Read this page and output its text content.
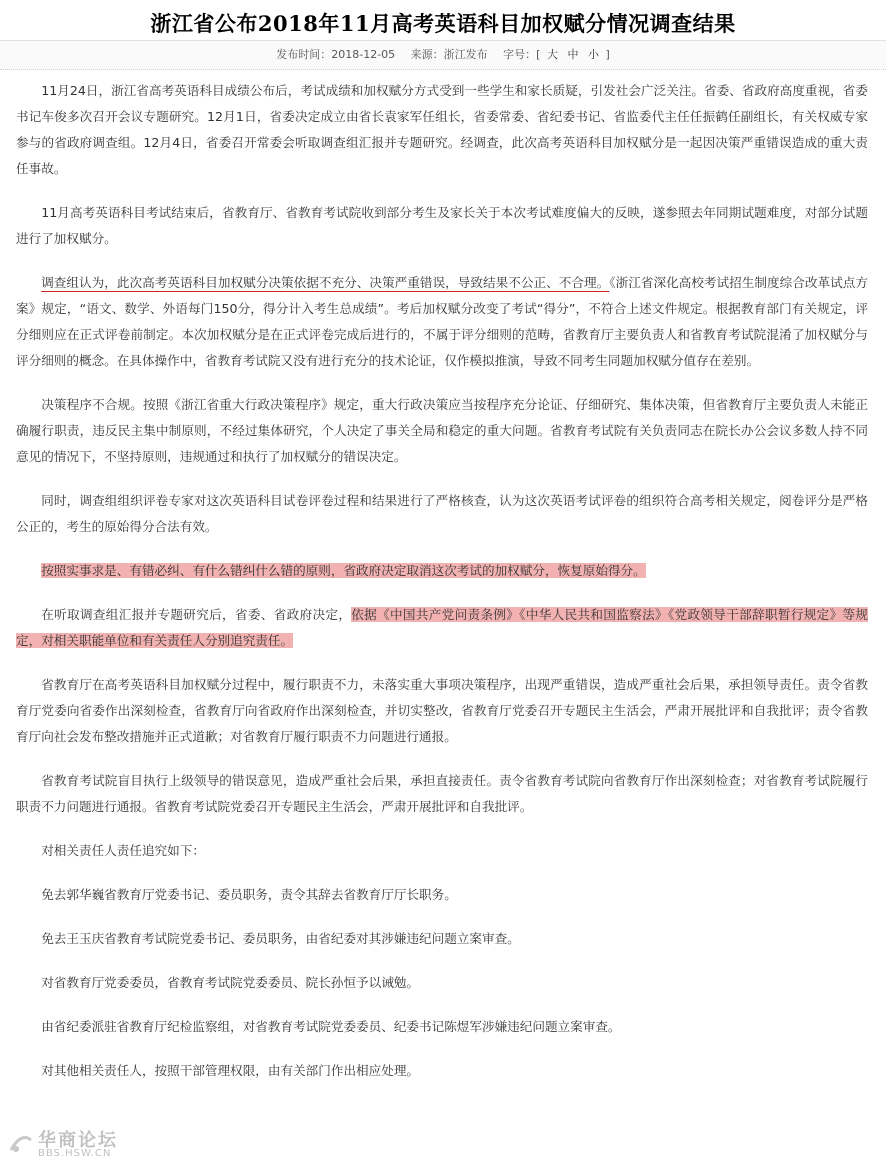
浙江省公布2018年11月高考英语科目加权赋分情况调查结果
发布时间：2018-12-05 来源：浙江发布 字号：[ 大 中 小 ]

11月24日，浙江省高考英语科目成绩公布后，考试成绩和加权赋分方式受到一些学生和家长质疑，引发社会广泛关注。省委、省政府高度重视，省委书记车俊多次召开会议专题研究。12月1日，省委决定成立由省长袁家军任组长，省委常委、省纪委书记、省监委代主任任振鹤任副组长，有关权威专家参与的省政府调查组。12月4日，省委召开常委会听取调查组汇报并专题研究。经调查，此次高考英语科目加权赋分是一起因决策严重错误造成的重大责任事故。

11月高考英语科目考试结束后，省教育厅、省教育考试院收到部分考生及家长关于本次考试难度偏大的反映，遂参照去年同期试题难度，对部分试题进行了加权赋分。

调查组认为，此次高考英语科目加权赋分决策依据不充分、决策严重错误，导致结果不公正、不合理。《浙江省深化高校考试招生制度综合改革试点方案》规定，“语文、数学、外语每门150分，得分计入考生总成绩”。考后加权赋分改变了考试“得分”，不符合上述文件规定。根据教育部门有关规定，评分细则应在正式评卷前制定。本次加权赋分是在正式评卷完成后进行的，不属于评分细则的范畴，省教育厅主要负责人和省教育考试院混淆了加权赋分与评分细则的概念。在具体操作中，省教育考试院又没有进行充分的技术论证，仅作模拟推演，导致不同考生同题加权赋分值存在差别。

决策程序不合规。按照《浙江省重大行政决策程序》规定，重大行政决策应当按程序充分论证、仔细研究、集体决策，但省教育厅主要负责人未能正确履行职责，违反民主集中制原则，不经过集体研究，个人决定了事关全局和稳定的重大问题。省教育考试院有关负责同志在院长办公会议多数人持不同意见的情况下，不坚持原则，违规通过和执行了加权赋分的错误决定。

同时，调查组组织评卷专家对这次英语科目试卷评卷过程和结果进行了严格核查，认为这次英语考试评卷的组织符合高考相关规定，阅卷评分是严格公正的，考生的原始得分合法有效。

按照实事求是、有错必纠、有什么错纠什么错的原则，省政府决定取消这次考试的加权赋分，恢复原始得分。

在听取调查组汇报并专题研究后，省委、省政府决定，依据《中国共产党问责条例》《中华人民共和国监察法》《党政领导干部辞职暂行规定》等规定，对相关职能单位和有关责任人分别追究责任。

省教育厅在高考英语科目加权赋分过程中，履行职责不力，未落实重大事项决策程序，出现严重错误，造成严重社会后果，承担领导责任。责令省教育厅党委向省委作出深刻检查，省教育厅向省政府作出深刻检查，并切实整改，省教育厅党委召开专题民主生活会，严肃开展批评和自我批评；责令省教育厅向社会发布整改措施并正式道歉；对省教育厅履行职责不力问题进行通报。

省教育考试院盲目执行上级领导的错误意见，造成严重社会后果，承担直接责任。责令省教育考试院向省教育厅作出深刻检查；对省教育考试院履行职责不力问题进行通报。省教育考试院党委召开专题民主生活会，严肃开展批评和自我批评。

对相关责任人责任追究如下：

免去郭华巍省教育厅党委书记、委员职务，责令其辞去省教育厅厅长职务。

免去王玉庆省教育考试院党委书记、委员职务，由省纪委对其涉嫌违纪问题立案审查。

对省教育厅党委委员，省教育考试院党委委员、院长孙恒予以诫勉。

由省纪委派驻省教育厅纪检监察组，对省教育考试院党委委员、纪委书记陈煜军涉嫌违纪问题立案审查。

对其他相关责任人，按照干部管理权限，由有关部门作出相应处理。

华商论坛
BBS.HSW.CN
